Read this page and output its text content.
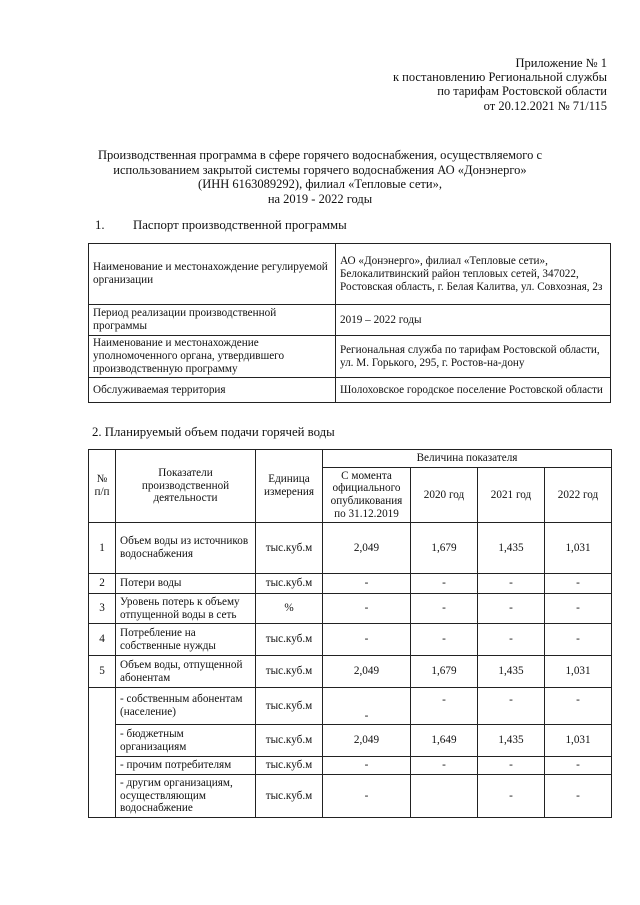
Приложение № 1
к постановлению Региональной службы
по тарифам Ростовской области
от 20.12.2021 № 71/115
Производственная программа в сфере горячего водоснабжения, осуществляемого с
использованием закрытой системы горячего водоснабжения АО «Донэнерго»
(ИНН 6163089292), филиал «Тепловые сети»,
на 2019 - 2022 годы
1. Паспорт производственной программы
Наименование и местонахождение регулируемой организации	АО «Донэнерго», филиал «Тепловые сети», Белокалитвинский район тепловых сетей, 347022, Ростовская область, г. Белая Калитва, ул. Совхозная, 2з
Период реализации производственной программы	2019 – 2022 годы
Наименование и местонахождение уполномоченного органа, утвердившего производственную программу	Региональная служба по тарифам Ростовской области, ул. М. Горького, 295, г. Ростов-на-дону
Обслуживаемая территория	Шолоховское городское поселение Ростовской области
2. Планируемый объем подачи горячей воды
№ п/п	Показатели производственной деятельности	Единица измерения	Величина показателя			
			С момента официального опубликования по 31.12.2019	2020 год	2021 год	2022 год
1	Объем воды из источников водоснабжения	тыс.куб.м	2,049	1,679	1,435	1,031
2	Потери воды	тыс.куб.м	-	-	-	-
3	Уровень потерь к объему отпущенной воды в сеть	%	-	-	-	-
4	Потребление на собственные нужды	тыс.куб.м	-	-	-	-
5	Объем воды, отпущенной абонентам	тыс.куб.м	2,049	1,679	1,435	1,031
	- собственным абонентам (население)	тыс.куб.м	-	-	-	-
	- бюджетным организациям	тыс.куб.м	2,049	1,649	1,435	1,031
	- прочим потребителям	тыс.куб.м	-	-	-	-
	- другим организациям, осуществляющим водоснабжение	тыс.куб.м	-		-	-
